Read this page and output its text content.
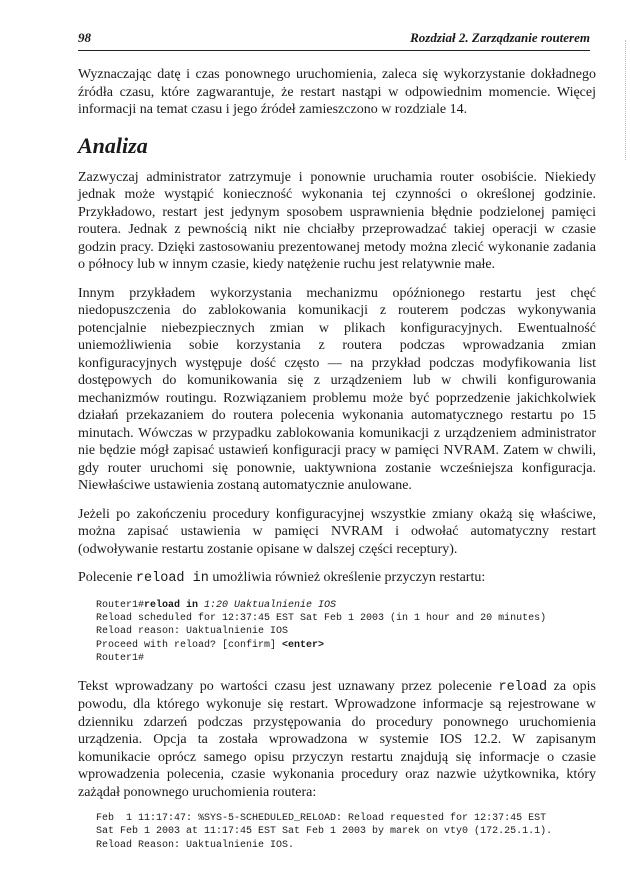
98	Rozdział 2. Zarządzanie routerem

Wyznaczając datę i czas ponownego uruchomienia, zaleca się wykorzystanie dokładnego źródła czasu, które zagwarantuje, że restart nastąpi w odpowiednim momencie. Więcej informacji na temat czasu i jego źródeł zamieszczono w rozdziale 14.

Analiza

Zazwyczaj administrator zatrzymuje i ponownie uruchamia router osobiście. Niekiedy jednak może wystąpić konieczność wykonania tej czynności o określonej godzinie. Przykładowo, restart jest jedynym sposobem usprawnienia błędnie podzielonej pamięci routera. Jednak z pewnością nikt nie chciałby przeprowadzać takiej operacji w czasie godzin pracy. Dzięki zastosowaniu prezentowanej metody można zlecić wykonanie zadania o północy lub w innym czasie, kiedy natężenie ruchu jest relatywnie małe.

Innym przykładem wykorzystania mechanizmu opóźnionego restartu jest chęć niedopuszczenia do zablokowania komunikacji z routerem podczas wykonywania potencjalnie niebezpiecznych zmian w plikach konfiguracyjnych. Ewentualność uniemożliwienia sobie korzystania z routera podczas wprowadzania zmian konfiguracyjnych występuje dość często — na przykład podczas modyfikowania list dostępowych do komunikowania się z urządzeniem lub w chwili konfigurowania mechanizmów routingu. Rozwiązaniem problemu może być poprzedzenie jakichkolwiek działań przekazaniem do routera polecenia wykonania automatycznego restartu po 15 minutach. Wówczas w przypadku zablokowania komunikacji z urządzeniem administrator nie będzie mógł zapisać ustawień konfiguracji pracy w pamięci NVRAM. Zatem w chwili, gdy router uruchomi się ponownie, uaktywniona zostanie wcześniejsza konfiguracja. Niewłaściwe ustawienia zostaną automatycznie anulowane.

Jeżeli po zakończeniu procedury konfiguracyjnej wszystkie zmiany okażą się właściwe, można zapisać ustawienia w pamięci NVRAM i odwołać automatyczny restart (odwoływanie restartu zostanie opisane w dalszej części receptury).

Polecenie reload in umożliwia również określenie przyczyn restartu:

Router1#reload in 1:20 Uaktualnienie IOS
Reload scheduled for 12:37:45 EST Sat Feb 1 2003 (in 1 hour and 20 minutes)
Reload reason: Uaktualnienie IOS
Proceed with reload? [confirm] <enter>
Router1#

Tekst wprowadzany po wartości czasu jest uznawany przez polecenie reload za opis powodu, dla którego wykonuje się restart. Wprowadzone informacje są rejestrowane w dzienniku zdarzeń podczas przystępowania do procedury ponownego uruchomienia urządzenia. Opcja ta została wprowadzona w systemie IOS 12.2. W zapisanym komunikacie oprócz samego opisu przyczyn restartu znajdują się informacje o czasie wprowadzenia polecenia, czasie wykonania procedury oraz nazwie użytkownika, który zażądał ponownego uruchomienia routera:

Feb  1 11:17:47: %SYS-5-SCHEDULED_RELOAD: Reload requested for 12:37:45 EST
Sat Feb 1 2003 at 11:17:45 EST Sat Feb 1 2003 by marek on vty0 (172.25.1.1).
Reload Reason: Uaktualnienie IOS.
